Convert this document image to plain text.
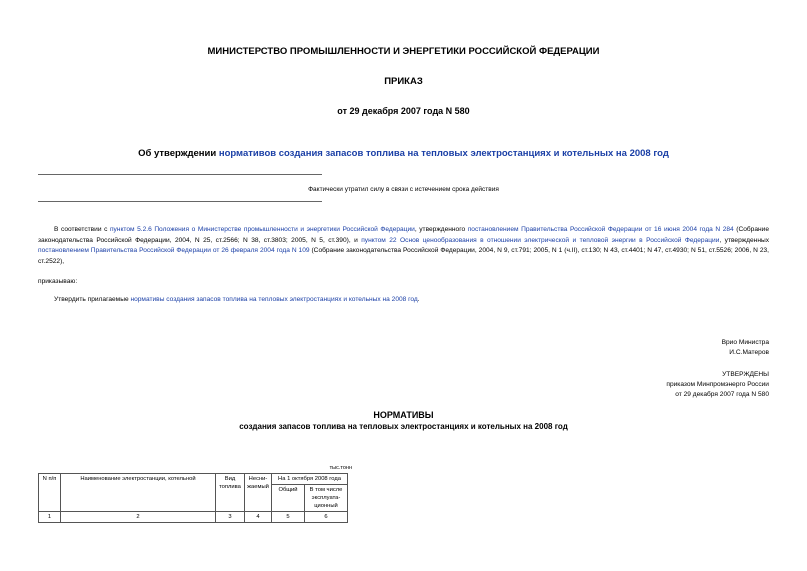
МИНИСТЕРСТВО ПРОМЫШЛЕННОСТИ И ЭНЕРГЕТИКИ РОССИЙСКОЙ ФЕДЕРАЦИИ
ПРИКАЗ
от 29 декабря 2007 года N 580
Об утверждении нормативов создания запасов топлива на тепловых электростанциях и котельных на 2008 год
Фактически утратил силу в связи с истечением срока действия
В соответствии с пунктом 5.2.6 Положения о Министерстве промышленности и энергетики Российской Федерации, утвержденного постановлением Правительства Российской Федерации от 16 июня 2004 года N 284 (Собрание законодательства Российской Федерации, 2004, N 25, ст.2566; N 38, ст.3803; 2005, N 5, ст.390), и пунктом 22 Основ ценообразования в отношении электрической и тепловой энергии в Российской Федерации, утвержденных постановлением Правительства Российской Федерации от 26 февраля 2004 года N 109 (Собрание законодательства Российской Федерации, 2004, N 9, ст.791; 2005, N 1 (ч.II), ст.130; N 43, ст.4401; N 47, ст.4930; N 51, ст.5526; 2006, N 23, ст.2522),
приказываю:
Утвердить прилагаемые нормативы создания запасов топлива на тепловых электростанциях и котельных на 2008 год.
Врио Министра
И.С.Матеров
УТВЕРЖДЕНЫ
приказом Минпромэнерго России
от 29 декабря 2007 года N 580
НОРМАТИВЫ
создания запасов топлива на тепловых электростанциях и котельных на 2008 год
тыс.тонн
N п/п	Наименование электростанции, котельной	Вид топлива	Несни- жаемый	На 1 октября 2008 года	
				Общий	В том числе эксплуата- ционный
1	2	3	4	5	6
